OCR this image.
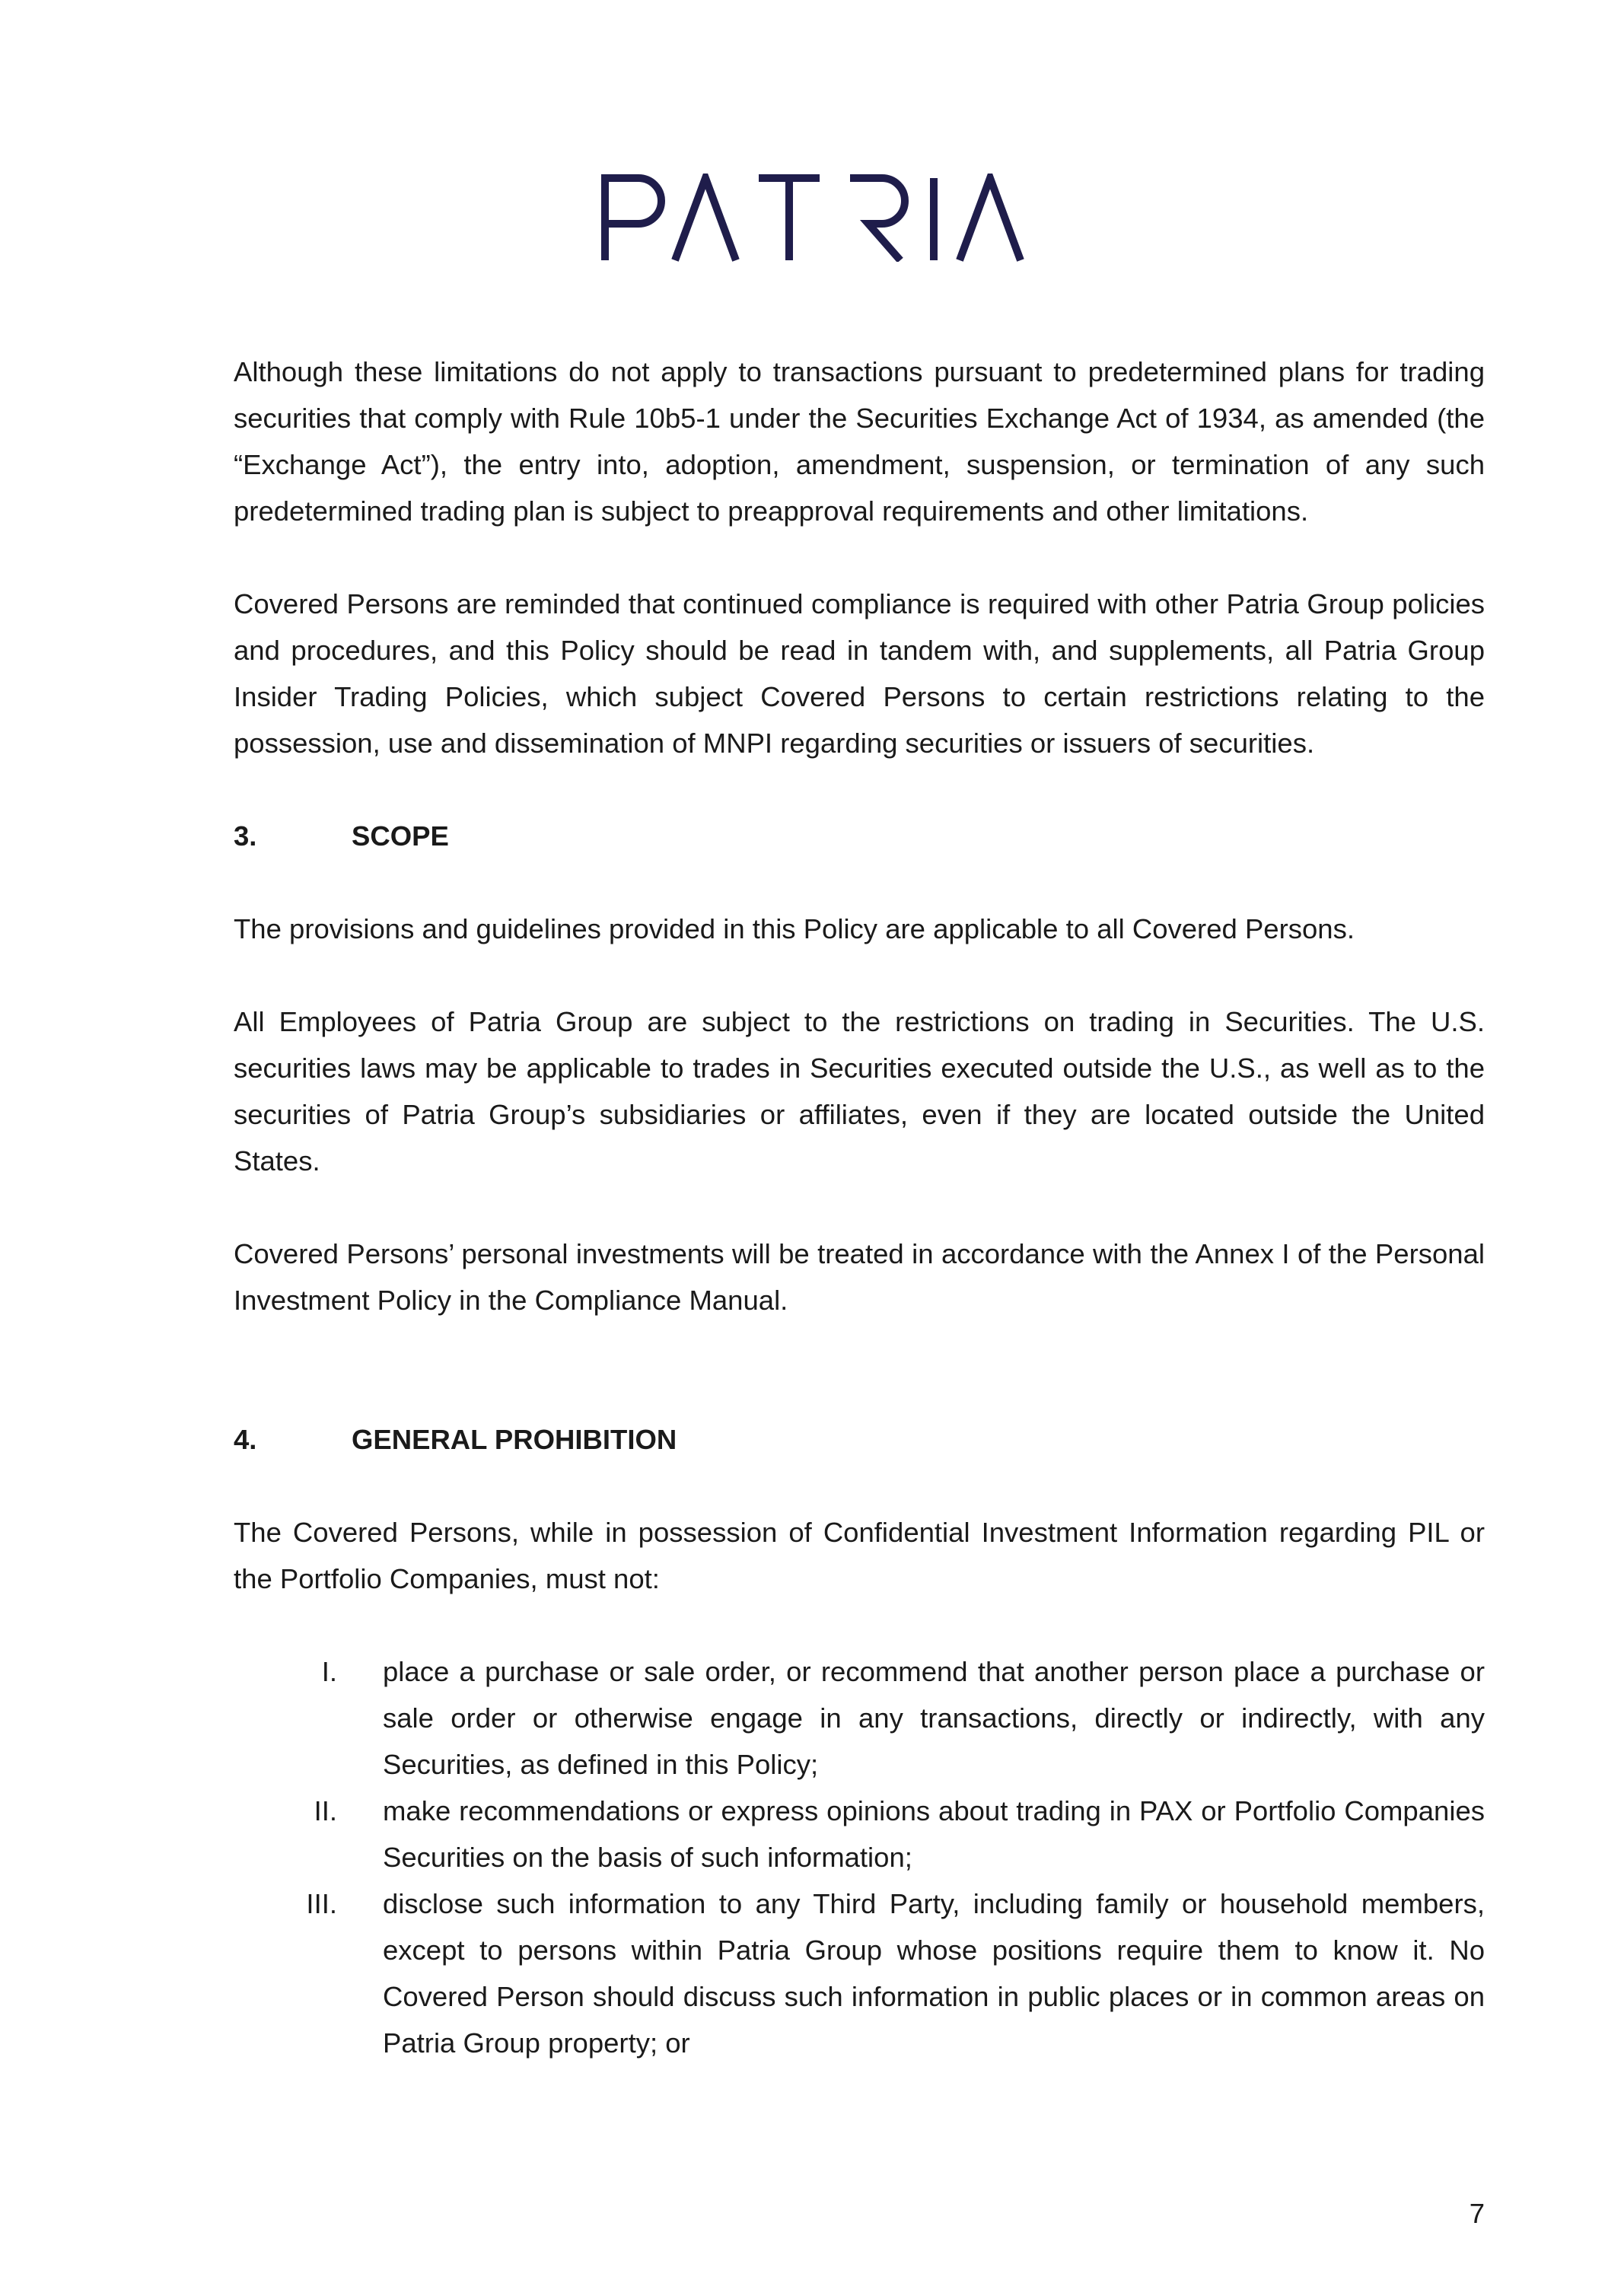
Although these limitations do not apply to transactions pursuant to predetermined plans for trading securities that comply with Rule 10b5-1 under the Securities Exchange Act of 1934, as amended (the “Exchange Act”), the entry into, adoption, amendment, suspension, or termination of any such predetermined trading plan is subject to preapproval requirements and other limitations.

Covered Persons are reminded that continued compliance is required with other Patria Group policies and procedures, and this Policy should be read in tandem with, and supplements, all Patria Group Insider Trading Policies, which subject Covered Persons to certain restrictions relating to the possession, use and dissemination of MNPI regarding securities or issuers of securities.

3.	SCOPE

The provisions and guidelines provided in this Policy are applicable to all Covered Persons.

All Employees of Patria Group are subject to the restrictions on trading in Securities. The U.S. securities laws may be applicable to trades in Securities executed outside the U.S., as well as to the securities of Patria Group’s subsidiaries or affiliates, even if they are located outside the United States.

Covered Persons’ personal investments will be treated in accordance with the Annex I of the Personal Investment Policy in the Compliance Manual.

4.	GENERAL PROHIBITION

The Covered Persons, while in possession of Confidential Investment Information regarding PIL or the Portfolio Companies, must not:

I.	place a purchase or sale order, or recommend that another person place a purchase or sale order or otherwise engage in any transactions, directly or indirectly, with any Securities, as defined in this Policy;
II.	make recommendations or express opinions about trading in PAX or Portfolio Companies Securities on the basis of such information;
III.	disclose such information to any Third Party, including family or household members, except to persons within Patria Group whose positions require them to know it. No Covered Person should discuss such information in public places or in common areas on Patria Group property; or
7
